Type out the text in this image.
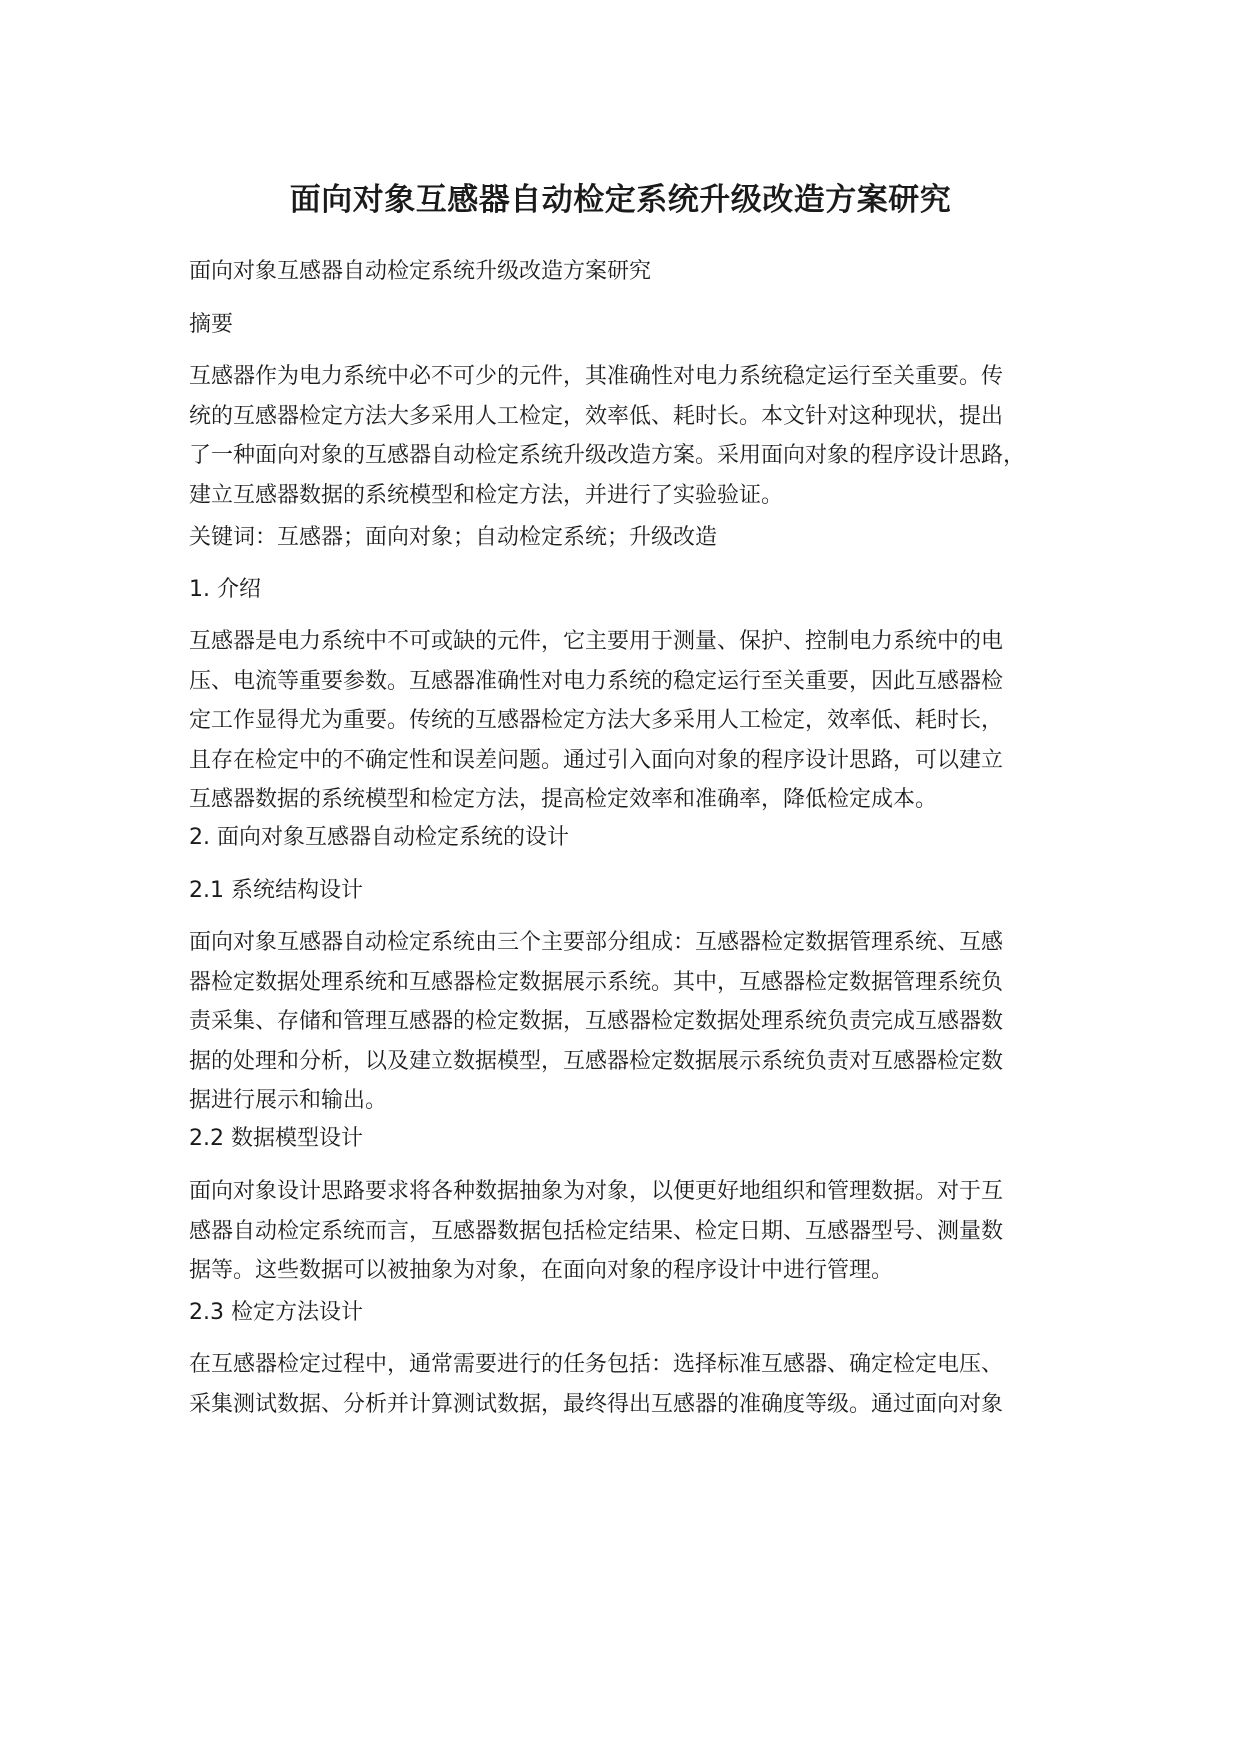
面向对象互感器自动检定系统升级改造方案研究
面向对象互感器自动检定系统升级改造方案研究
摘要
互感器作为电力系统中必不可少的元件，其准确性对电力系统稳定运行至关重要。传
统的互感器检定方法大多采用人工检定，效率低、耗时长。本文针对这种现状，提出
了一种面向对象的互感器自动检定系统升级改造方案。采用面向对象的程序设计思路，
建立互感器数据的系统模型和检定方法，并进行了实验验证。
关键词：互感器；面向对象；自动检定系统；升级改造
1. 介绍
互感器是电力系统中不可或缺的元件，它主要用于测量、保护、控制电力系统中的电
压、电流等重要参数。互感器准确性对电力系统的稳定运行至关重要，因此互感器检
定工作显得尤为重要。传统的互感器检定方法大多采用人工检定，效率低、耗时长，
且存在检定中的不确定性和误差问题。通过引入面向对象的程序设计思路，可以建立
互感器数据的系统模型和检定方法，提高检定效率和准确率，降低检定成本。
2. 面向对象互感器自动检定系统的设计
2.1 系统结构设计
面向对象互感器自动检定系统由三个主要部分组成：互感器检定数据管理系统、互感
器检定数据处理系统和互感器检定数据展示系统。其中，互感器检定数据管理系统负
责采集、存储和管理互感器的检定数据，互感器检定数据处理系统负责完成互感器数
据的处理和分析，以及建立数据模型，互感器检定数据展示系统负责对互感器检定数
据进行展示和输出。
2.2 数据模型设计
面向对象设计思路要求将各种数据抽象为对象，以便更好地组织和管理数据。对于互
感器自动检定系统而言，互感器数据包括检定结果、检定日期、互感器型号、测量数
据等。这些数据可以被抽象为对象，在面向对象的程序设计中进行管理。
2.3 检定方法设计
在互感器检定过程中，通常需要进行的任务包括：选择标准互感器、确定检定电压、
采集测试数据、分析并计算测试数据，最终得出互感器的准确度等级。通过面向对象
